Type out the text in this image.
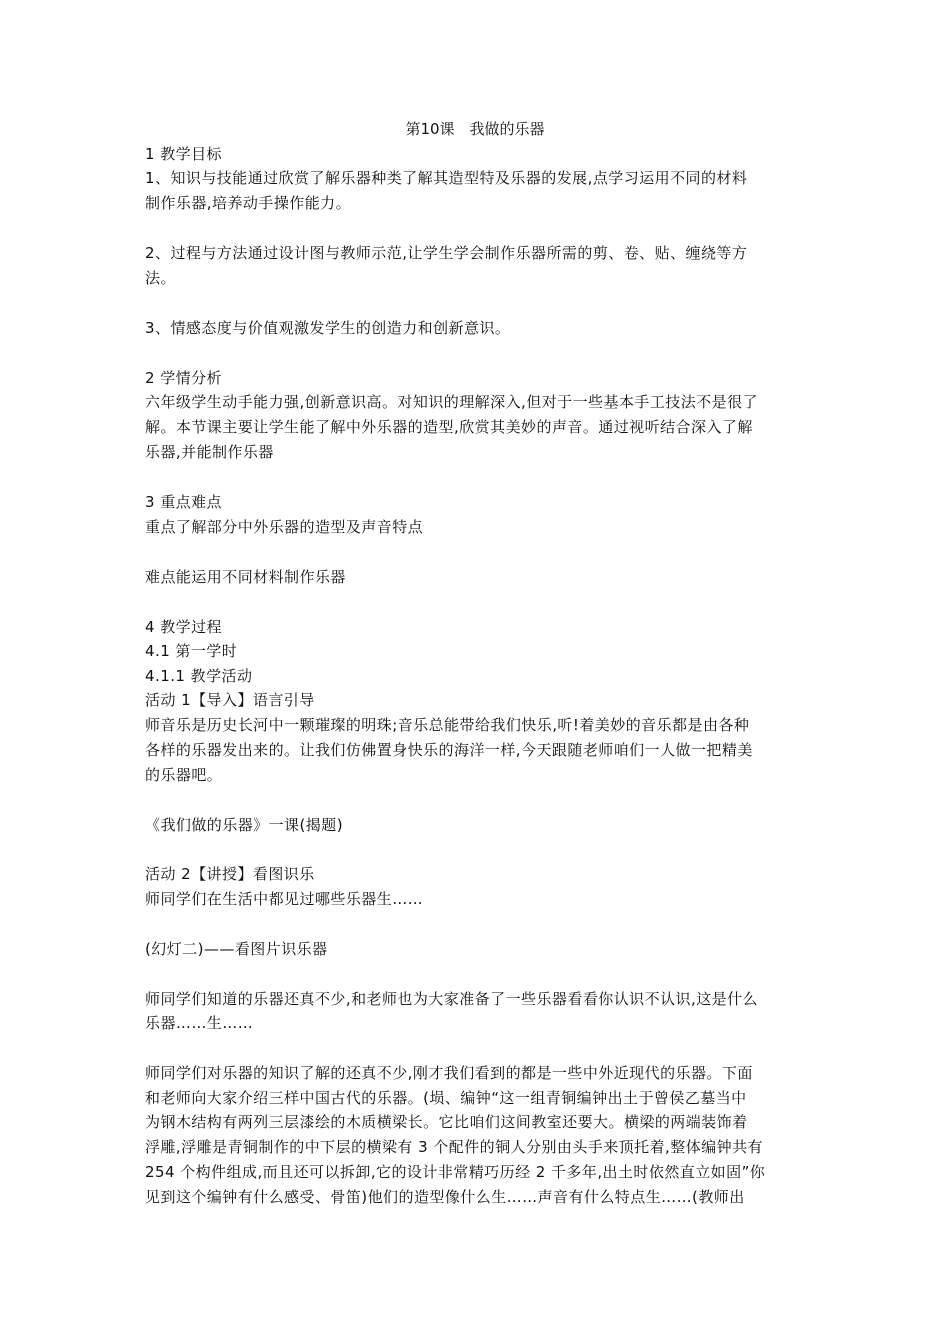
第10课　我做的乐器
1 教学目标
1、知识与技能通过欣赏了解乐器种类了解其造型特及乐器的发展,点学习运用不同的材料
制作乐器,培养动手操作能力。
2、过程与方法通过设计图与教师示范,让学生学会制作乐器所需的剪、卷、贴、缠绕等方
法。
3、情感态度与价值观激发学生的创造力和创新意识。
2 学情分析
六年级学生动手能力强,创新意识高。对知识的理解深入,但对于一些基本手工技法不是很了
解。本节课主要让学生能了解中外乐器的造型,欣赏其美妙的声音。通过视听结合深入了解
乐器,并能制作乐器
3 重点难点
重点了解部分中外乐器的造型及声音特点
难点能运用不同材料制作乐器
4 教学过程
4.1 第一学时
4.1.1 教学活动
活动 1【导入】语言引导
师音乐是历史长河中一颗璀璨的明珠;音乐总能带给我们快乐,听!着美妙的音乐都是由各种
各样的乐器发出来的。让我们仿佛置身快乐的海洋一样,今天跟随老师咱们一人做一把精美
的乐器吧。
《我们做的乐器》一课(揭题)
活动 2【讲授】看图识乐
师同学们在生活中都见过哪些乐器生……
(幻灯二)——看图片识乐器
师同学们知道的乐器还真不少,和老师也为大家准备了一些乐器看看你认识不认识,这是什么
乐器……生……
师同学们对乐器的知识了解的还真不少,刚才我们看到的都是一些中外近现代的乐器。下面
和老师向大家介绍三样中国古代的乐器。(埙、编钟“这一组青铜编钟出土于曾侯乙墓当中
为钢木结构有两列三层漆绘的木质横梁长。它比咱们这间教室还要大。横梁的两端装饰着
浮雕,浮雕是青铜制作的中下层的横梁有 3 个配件的铜人分别由头手来顶托着,整体编钟共有
254 个构件组成,而且还可以拆卸,它的设计非常精巧历经 2 千多年,出土时依然直立如固”你
见到这个编钟有什么感受、骨笛)他们的造型像什么生……声音有什么特点生……(教师出
